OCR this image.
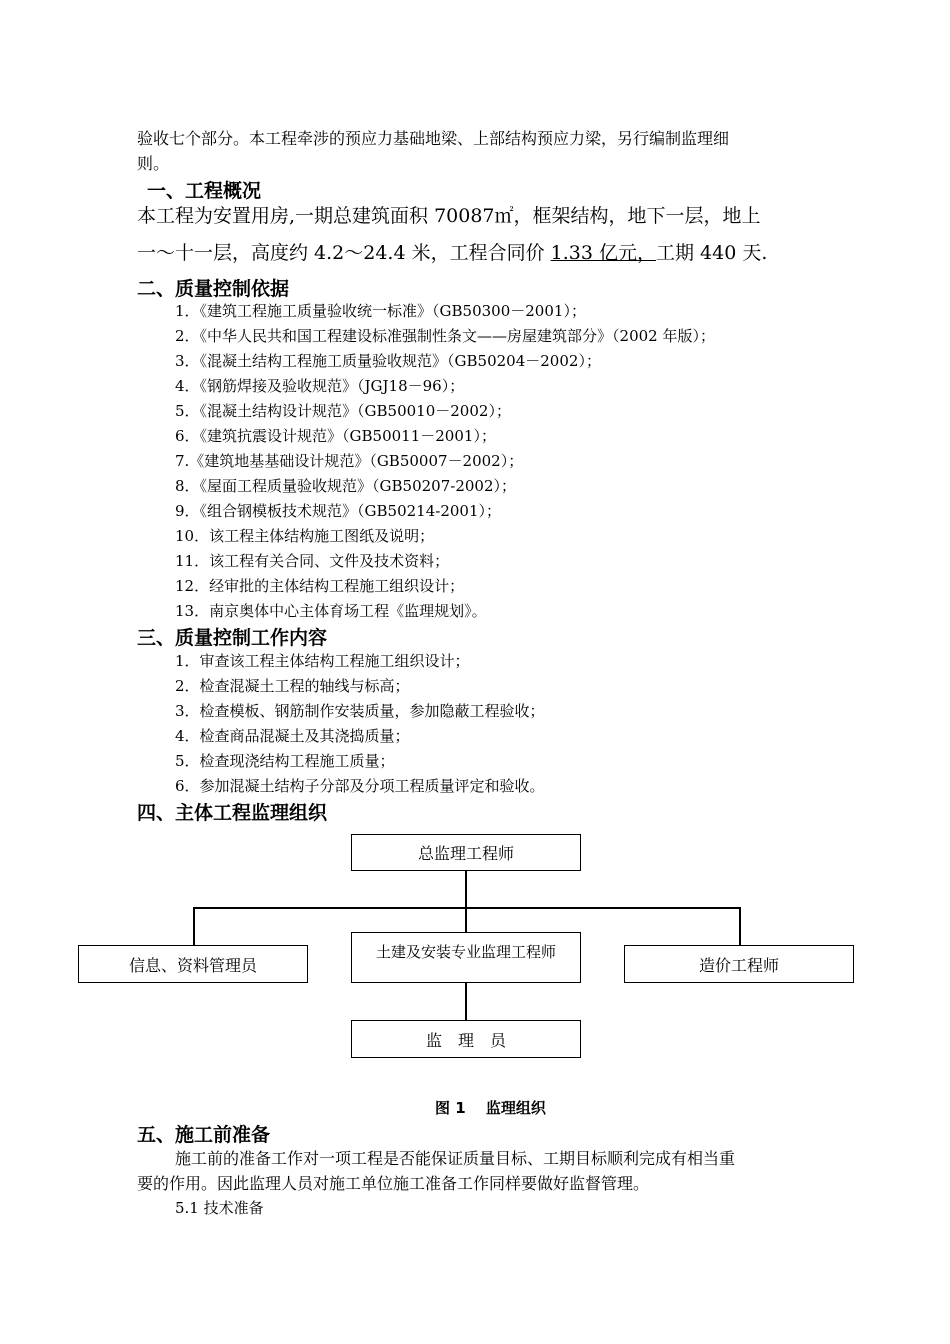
验收七个部分。本工程牵涉的预应力基础地梁、上部结构预应力梁，另行编制监理细
则。
一、工程概况
本工程为安置用房,一期总建筑面积 70087㎡，框架结构，地下一层，地上
一～十一层，高度约 4.2～24.4 米，工程合同价 1.33 亿元，工期 440 天.
二、质量控制依据
1．《建筑工程施工质量验收统一标准》（GB50300－2001）；
2．《中华人民共和国工程建设标准强制性条文——房屋建筑部分》（2002 年版）；
3．《混凝土结构工程施工质量验收规范》（GB50204－2002）；
4．《钢筋焊接及验收规范》（JGJ18－96）；
5．《混凝土结构设计规范》（GB50010－2002）；
6．《建筑抗震设计规范》（GB50011－2001）；
7.《建筑地基基础设计规范》（GB50007－2002）；
8．《屋面工程质量验收规范》（GB50207-2002）；
9．《组合钢模板技术规范》（GB50214-2001）；
10．该工程主体结构施工图纸及说明；
11．该工程有关合同、文件及技术资料；
12．经审批的主体结构工程施工组织设计；
13．南京奥体中心主体育场工程《监理规划》。
三、质量控制工作内容
1．审查该工程主体结构工程施工组织设计；
2．检查混凝土工程的轴线与标高；
3．检查模板、钢筋制作安装质量，参加隐蔽工程验收；
4．检查商品混凝土及其浇捣质量；
5．检查现浇结构工程施工质量；
6．参加混凝土结构子分部及分项工程质量评定和验收。
四、主体工程监理组织
总监理工程师
信息、资料管理员
土建及安装专业监理工程师
造价工程师
监　理　员
图 1　 监理组织
五、施工前准备
施工前的准备工作对一项工程是否能保证质量目标、工期目标顺利完成有相当重
要的作用。因此监理人员对施工单位施工准备工作同样要做好监督管理。
5.1 技术准备
